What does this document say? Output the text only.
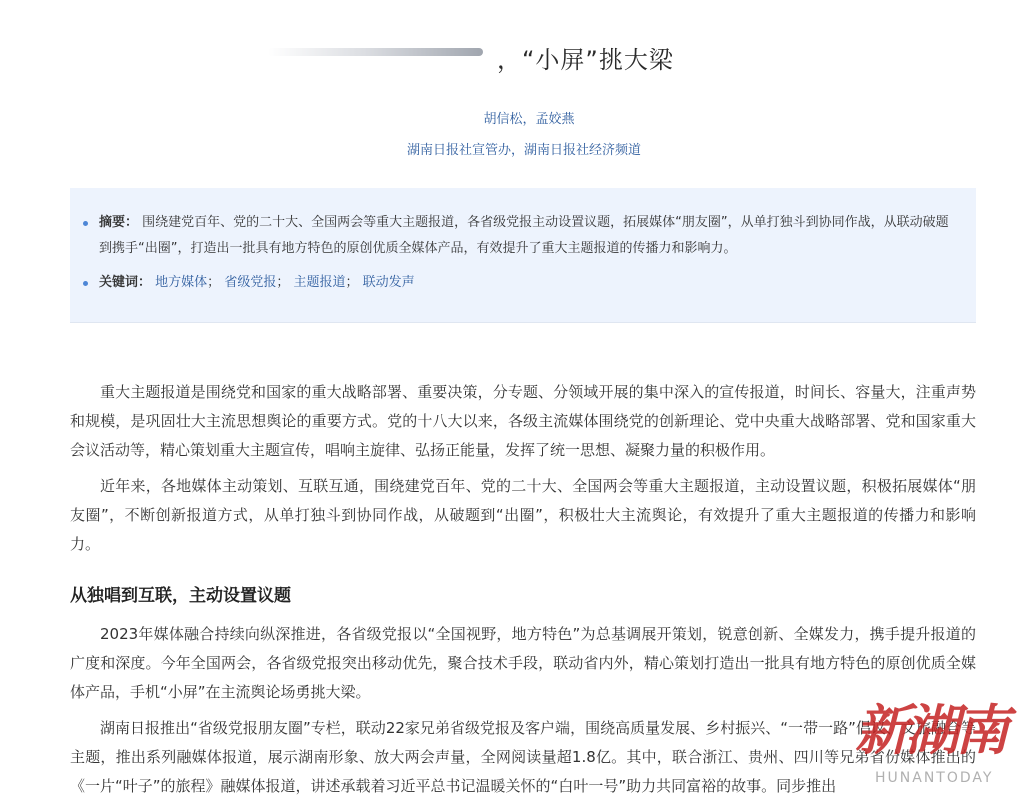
，“小屏”挑大梁
胡信松，孟姣燕
湖南日报社宣管办，湖南日报社经济频道
摘要： 围绕建党百年、党的二十大、全国两会等重大主题报道，各省级党报主动设置议题，拓展媒体“朋友圈”，从单打独斗到协同作战，从联动破题到携手“出圈”，打造出一批具有地方特色的原创优质全媒体产品，有效提升了重大主题报道的传播力和影响力。
关键词： 地方媒体； 省级党报； 主题报道； 联动发声

重大主题报道是围绕党和国家的重大战略部署、重要决策，分专题、分领域开展的集中深入的宣传报道，时间长、容量大，注重声势和规模，是巩固壮大主流思想舆论的重要方式。党的十八大以来，各级主流媒体围绕党的创新理论、党中央重大战略部署、党和国家重大会议活动等，精心策划重大主题宣传，唱响主旋律、弘扬正能量，发挥了统一思想、凝聚力量的积极作用。

近年来，各地媒体主动策划、互联互通，围绕建党百年、党的二十大、全国两会等重大主题报道，主动设置议题，积极拓展媒体“朋友圈”，不断创新报道方式，从单打独斗到协同作战，从破题到“出圈”，积极壮大主流舆论，有效提升了重大主题报道的传播力和影响力。

从独唱到互联，主动设置议题

2023年媒体融合持续向纵深推进，各省级党报以“全国视野，地方特色”为总基调展开策划，锐意创新、全媒发力，携手提升报道的广度和深度。今年全国两会，各省级党报突出移动优先，聚合技术手段，联动省内外，精心策划打造出一批具有地方特色的原创优质全媒体产品，手机“小屏”在主流舆论场勇挑大梁。

湖南日报推出“省级党报朋友圈”专栏，联动22家兄弟省级党报及客户端，围绕高质量发展、乡村振兴、“一带一路”倡议、文旅融合等主题，推出系列融媒体报道，展示湖南形象、放大两会声量，全网阅读量超1.8亿。其中，联合浙江、贵州、四川等兄弟省份媒体推出的《一片“叶子”的旅程》融媒体报道，讲述承载着习近平总书记温暖关怀的“白叶一号”助力共同富裕的故事。同步推出

新湖南
HUNANTODAY
